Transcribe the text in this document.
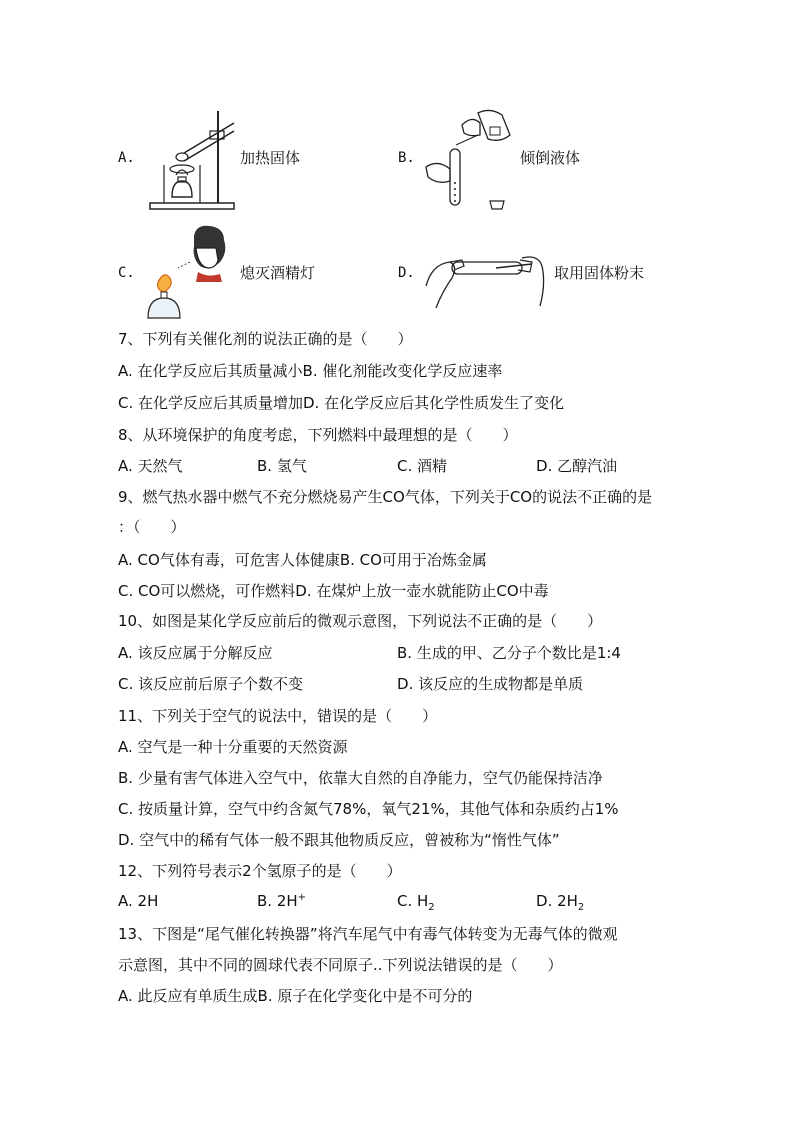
A.	加热固体	B.	倾倒液体
C.	熄灭酒精灯	D.	取用固体粉末
7、下列有关催化剂的说法正确的是（　　）
A. 在化学反应后其质量减小B. 催化剂能改变化学反应速率
C. 在化学反应后其质量增加D. 在化学反应后其化学性质发生了变化
8、从环境保护的角度考虑，下列燃料中最理想的是（　　）
A. 天然气	B. 氢气	C. 酒精	D. 乙醇汽油
9、燃气热水器中燃气不充分燃烧易产生CO气体，下列关于CO的说法不正确的是
：（　　）
A. CO气体有毒，可危害人体健康B. CO可用于冶炼金属
C. CO可以燃烧，可作燃料D. 在煤炉上放一壶水就能防止CO中毒
10、如图是某化学反应前后的微观示意图，下列说法不正确的是（　　）
A. 该反应属于分解反应	B. 生成的甲、乙分子个数比是1:4
C. 该反应前后原子个数不变	D. 该反应的生成物都是单质
11、下列关于空气的说法中，错误的是（　　）
A. 空气是一种十分重要的天然资源
B. 少量有害气体进入空气中，依靠大自然的自净能力，空气仍能保持洁净
C. 按质量计算，空气中约含氮气78%，氧气21%，其他气体和杂质约占1%
D. 空气中的稀有气体一般不跟其他物质反应，曾被称为“惰性气体”
12、下列符号表示2个氢原子的是（　　）
A. 2H	B. 2H+	C. $H_2$	D. $2H_2$
13、下图是“尾气催化转换器”将汽车尾气中有毒气体转变为无毒气体的微观
示意图，其中不同的圆球代表不同原子..下列说法错误的是（　　）
A. 此反应有单质生成B. 原子在化学变化中是不可分的
